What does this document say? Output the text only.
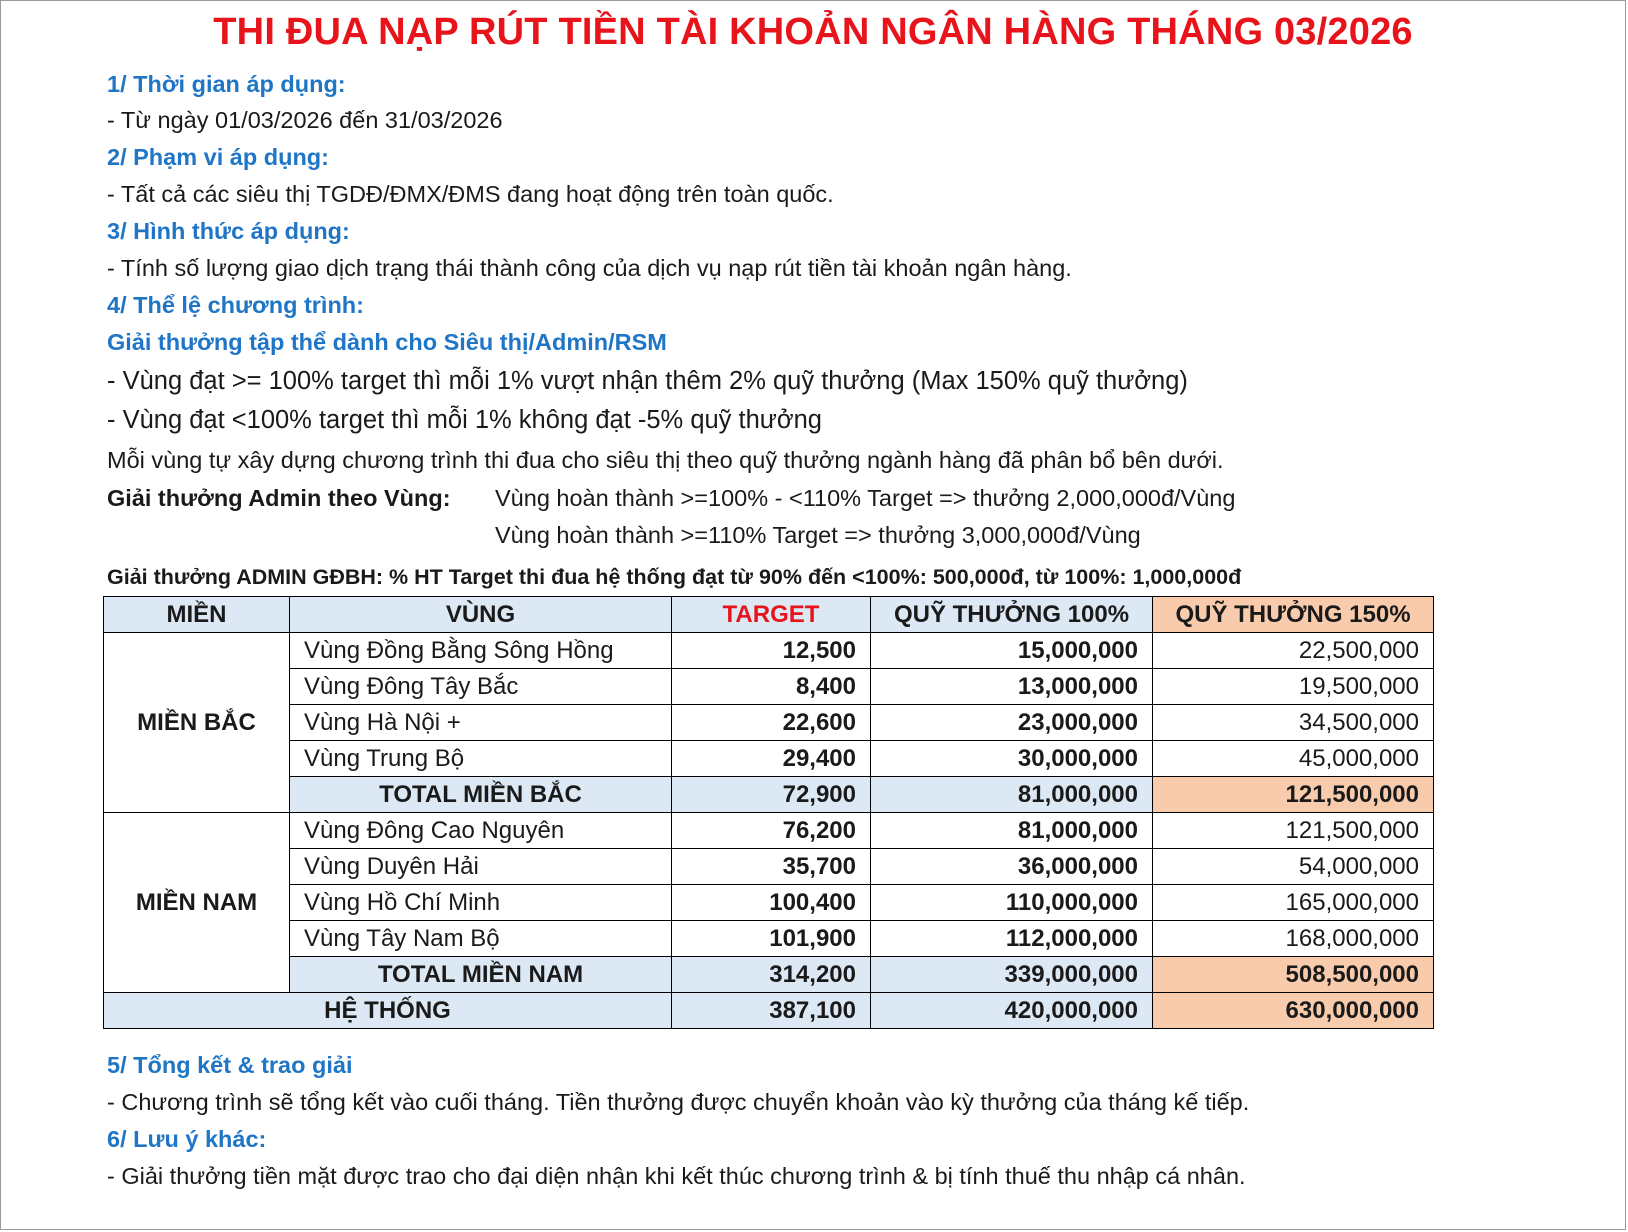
THI ĐUA NẠP RÚT TIỀN TÀI KHOẢN NGÂN HÀNG THÁNG 03/2026
1/ Thời gian áp dụng:
- Từ ngày 01/03/2026 đến 31/03/2026
2/ Phạm vi áp dụng:
- Tất cả các siêu thị TGDĐ/ĐMX/ĐMS đang hoạt động trên toàn quốc.
3/ Hình thức áp dụng:
- Tính số lượng giao dịch trạng thái thành công của dịch vụ nạp rút tiền tài khoản ngân hàng.
4/ Thể lệ chương trình:
Giải thưởng tập thể dành cho Siêu thị/Admin/RSM
- Vùng đạt >= 100% target thì mỗi 1% vượt nhận thêm 2% quỹ thưởng (Max 150% quỹ thưởng)
- Vùng đạt <100% target thì mỗi 1% không đạt -5% quỹ thưởng
Mỗi vùng tự xây dựng chương trình thi đua cho siêu thị theo quỹ thưởng ngành hàng đã phân bổ bên dưới.
Giải thưởng Admin theo Vùng: Vùng hoàn thành >=100% - <110% Target => thưởng 2,000,000đ/Vùng
Vùng hoàn thành >=110% Target => thưởng 3,000,000đ/Vùng
Giải thưởng ADMIN GĐBH: % HT Target thi đua hệ thống đạt từ 90% đến <100%: 500,000đ, từ 100%: 1,000,000đ
MIỀN	VÙNG	TARGET	QUỸ THƯỞNG 100%	QUỸ THƯỞNG 150%
MIỀN BẮC	Vùng Đồng Bằng Sông Hồng	12,500	15,000,000	22,500,000
	Vùng Đông Tây Bắc	8,400	13,000,000	19,500,000
	Vùng Hà Nội +	22,600	23,000,000	34,500,000
	Vùng Trung Bộ	29,400	30,000,000	45,000,000
	TOTAL MIỀN BẮC	72,900	81,000,000	121,500,000
MIỀN NAM	Vùng Đông Cao Nguyên	76,200	81,000,000	121,500,000
	Vùng Duyên Hải	35,700	36,000,000	54,000,000
	Vùng Hồ Chí Minh	100,400	110,000,000	165,000,000
	Vùng Tây Nam Bộ	101,900	112,000,000	168,000,000
	TOTAL MIỀN NAM	314,200	339,000,000	508,500,000
HỆ THỐNG		387,100	420,000,000	630,000,000
5/ Tổng kết & trao giải
- Chương trình sẽ tổng kết vào cuối tháng. Tiền thưởng được chuyển khoản vào kỳ thưởng của tháng kế tiếp.
6/ Lưu ý khác:
- Giải thưởng tiền mặt được trao cho đại diện nhận khi kết thúc chương trình & bị tính thuế thu nhập cá nhân.
